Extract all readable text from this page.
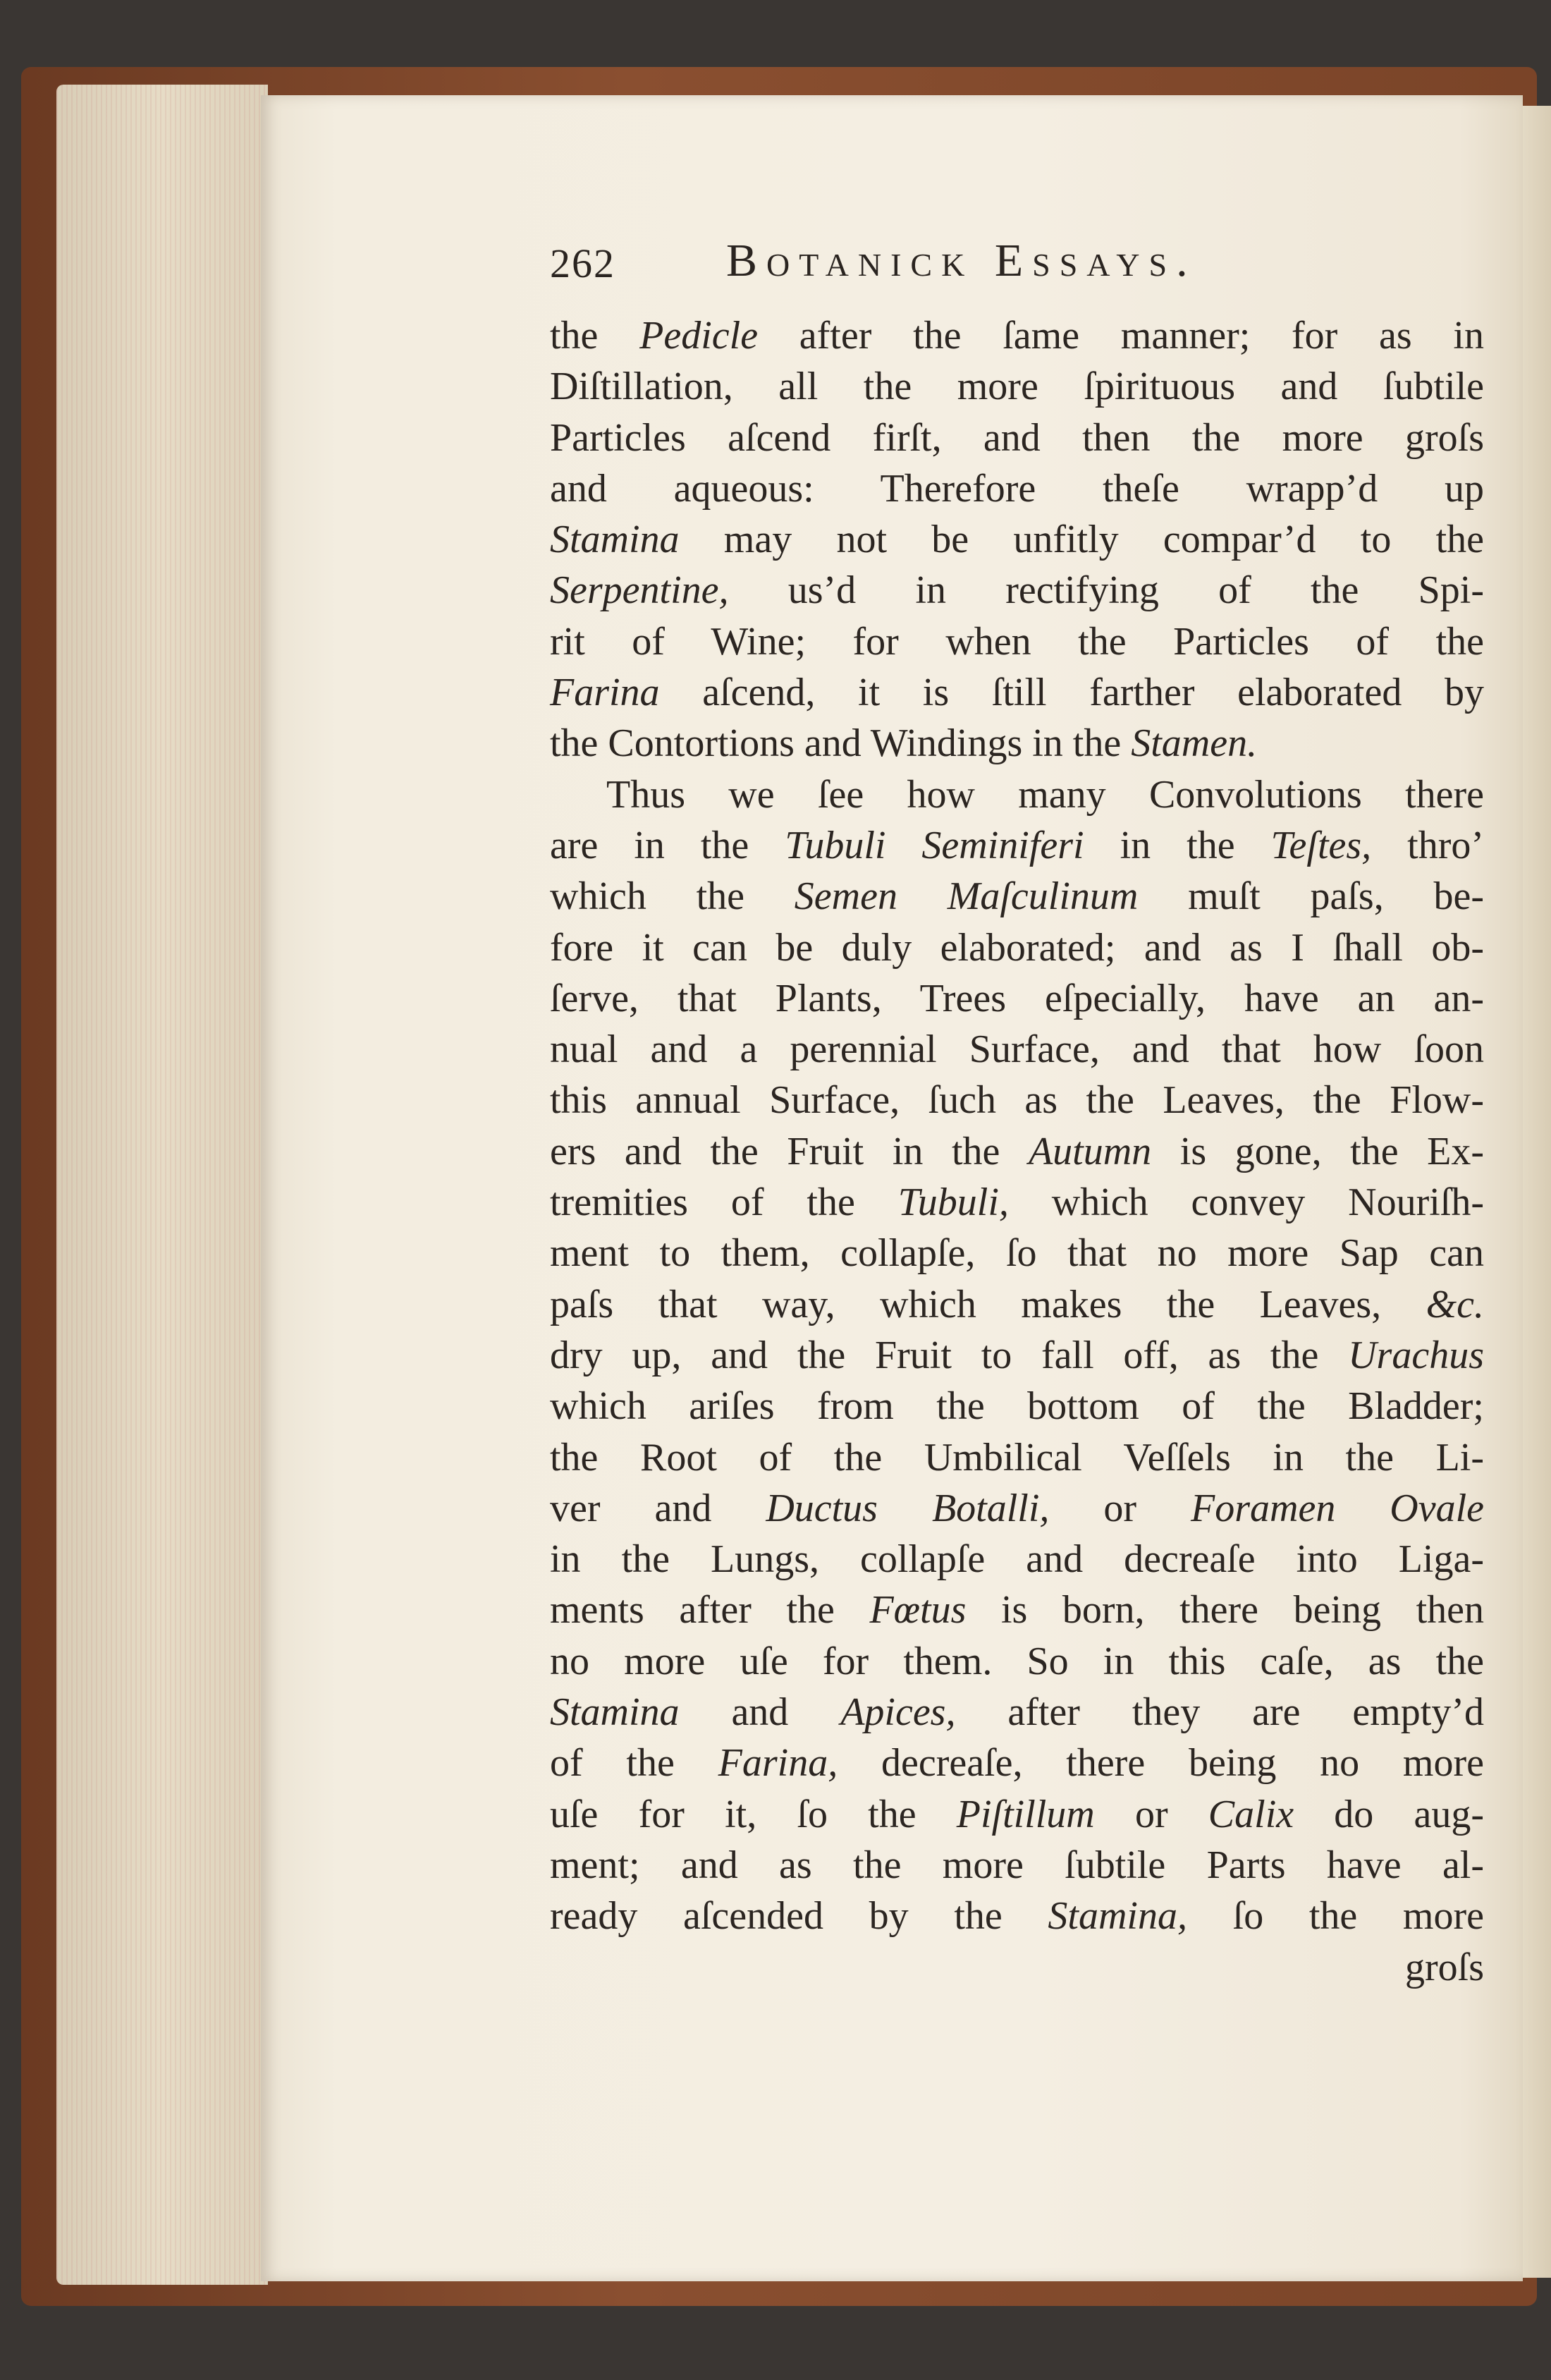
262 Botanick Essays.
the Pedicle after the ſame manner; for as in
Diſtillation, all the more ſpirituous and ſubtile
Particles aſcend firſt, and then the more groſs
and aqueous: Therefore theſe wrapp’d up
Stamina may not be unfitly compar’d to the
Serpentine, us’d in rectifying of the Spi-
rit of Wine; for when the Particles of the
Farina aſcend, it is ſtill farther elaborated by
the Contortions and Windings in the Stamen.
Thus we ſee how many Convolutions there
are in the Tubuli Seminiferi in the Teſtes, thro’
which the Semen Maſculinum muſt paſs, be-
fore it can be duly elaborated; and as I ſhall ob-
ſerve, that Plants, Trees eſpecially, have an an-
nual and a perennial Surface, and that how ſoon
this annual Surface, ſuch as the Leaves, the Flow-
ers and the Fruit in the Autumn is gone, the Ex-
tremities of the Tubuli, which convey Nouriſh-
ment to them, collapſe, ſo that no more Sap can
paſs that way, which makes the Leaves, &c.
dry up, and the Fruit to fall off, as the Urachus
which ariſes from the bottom of the Bladder;
the Root of the Umbilical Veſſels in the Li-
ver and Ductus Botalli, or Foramen Ovale
in the Lungs, collapſe and decreaſe into Liga-
ments after the Fœtus is born, there being then
no more uſe for them. So in this caſe, as the
Stamina and Apices, after they are empty’d
of the Farina, decreaſe, there being no more
uſe for it, ſo the Piſtillum or Calix do aug-
ment; and as the more ſubtile Parts have al-
ready aſcended by the Stamina, ſo the more
groſs
